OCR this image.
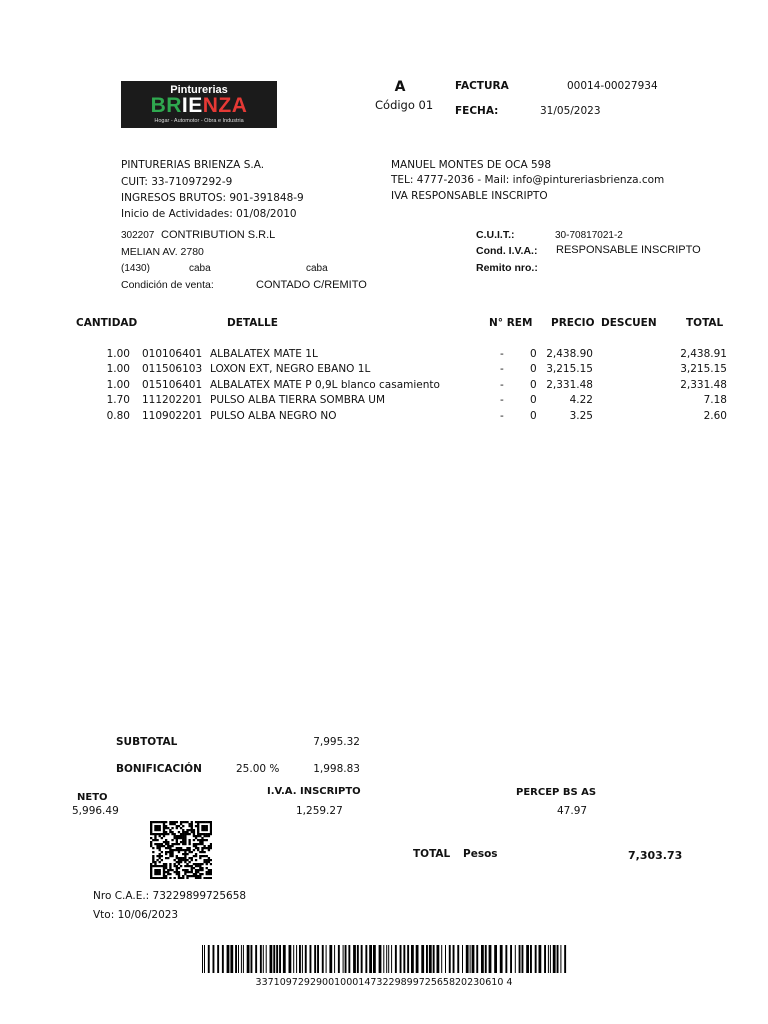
Pinturerias
BRIENZA
Hogar - Automotor - Obra e Industria
A
Código 01
FACTURA	00014-00027934
FECHA:	31/05/2023
PINTURERIAS BRIENZA S.A.
CUIT: 33-71097292-9
INGRESOS BRUTOS: 901-391848-9
Inicio de Actividades: 01/08/2010
MANUEL MONTES DE OCA 598
TEL: 4777-2036 - Mail: info@pintureriasbrienza.com
IVA RESPONSABLE INSCRIPTO
302207 CONTRIBUTION S.R.L
MELIAN AV. 2780
(1430)	caba	caba
Condición de venta:	CONTADO C/REMITO
C.U.I.T.:	30-70817021-2
Cond. I.V.A.: RESPONSABLE INSCRIPTO
Remito nro.:
CANTIDAD	DETALLE	N° REM PRECIO DESCUEN	TOTAL
1.00 010106401 ALBALATEX MATE 1L	- 0 2,438.90	2,438.91
1.00 011506103 LOXON EXT, NEGRO EBANO 1L	- 0 3,215.15	3,215.15
1.00 015106401 ALBALATEX MATE P 0,9L blanco casamiento	- 0 2,331.48	2,331.48
1.70 111202201 PULSO ALBA TIERRA SOMBRA UM	- 0	4.22	7.18
0.80 110902201 PULSO ALBA NEGRO NO	- 0	3.25	2.60
SUBTOTAL	7,995.32
BONIFICACIÓN	25.00 %	1,998.83
NETO
5,996.49
I.V.A. INSCRIPTO
1,259.27
PERCEP BS AS
47.97
TOTAL Pesos	7,303.73
Nro C.A.E.: 73229899725658
Vto: 10/06/2023
33710972929001000147322989972565820230610 4
